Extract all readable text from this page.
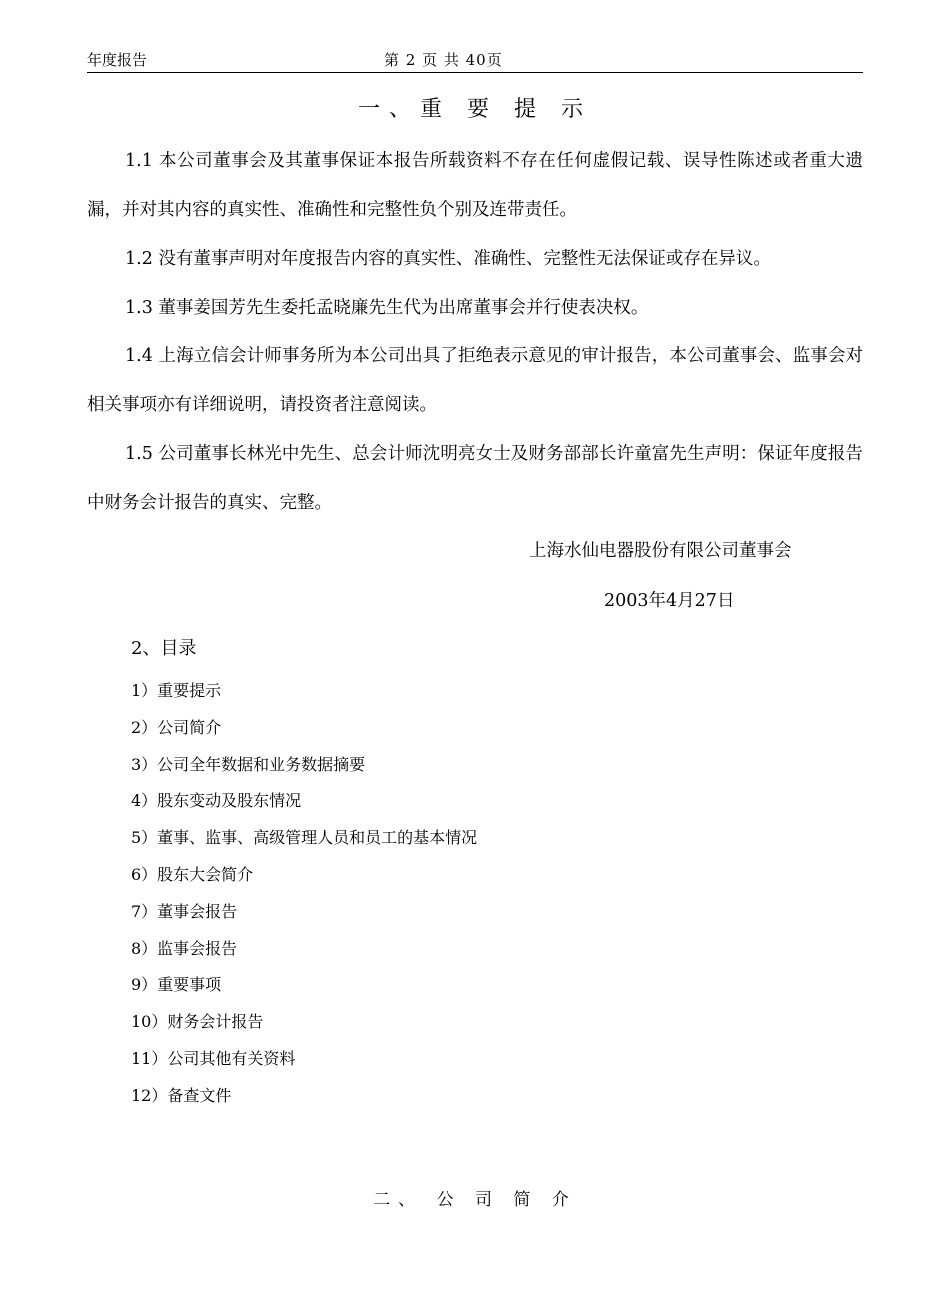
年度报告	第 2 页 共 40页
一、重 要 提 示
1.1 本公司董事会及其董事保证本报告所载资料不存在任何虚假记载、误导性陈述或者重大遗漏，并对其内容的真实性、准确性和完整性负个别及连带责任。
1.2 没有董事声明对年度报告内容的真实性、准确性、完整性无法保证或存在异议。
1.3 董事姜国芳先生委托孟晓廉先生代为出席董事会并行使表决权。
1.4 上海立信会计师事务所为本公司出具了拒绝表示意见的审计报告，本公司董事会、监事会对相关事项亦有详细说明，请投资者注意阅读。
1.5 公司董事长林光中先生、总会计师沈明亮女士及财务部部长许童富先生声明：保证年度报告中财务会计报告的真实、完整。
上海水仙电器股份有限公司董事会
2003年4月27日
2、目录
1）重要提示
2）公司简介
3）公司全年数据和业务数据摘要
4）股东变动及股东情况
5）董事、监事、高级管理人员和员工的基本情况
6）股东大会简介
7）董事会报告
8）监事会报告
9）重要事项
10）财务会计报告
11）公司其他有关资料
12）备查文件
二、 公 司 简 介
